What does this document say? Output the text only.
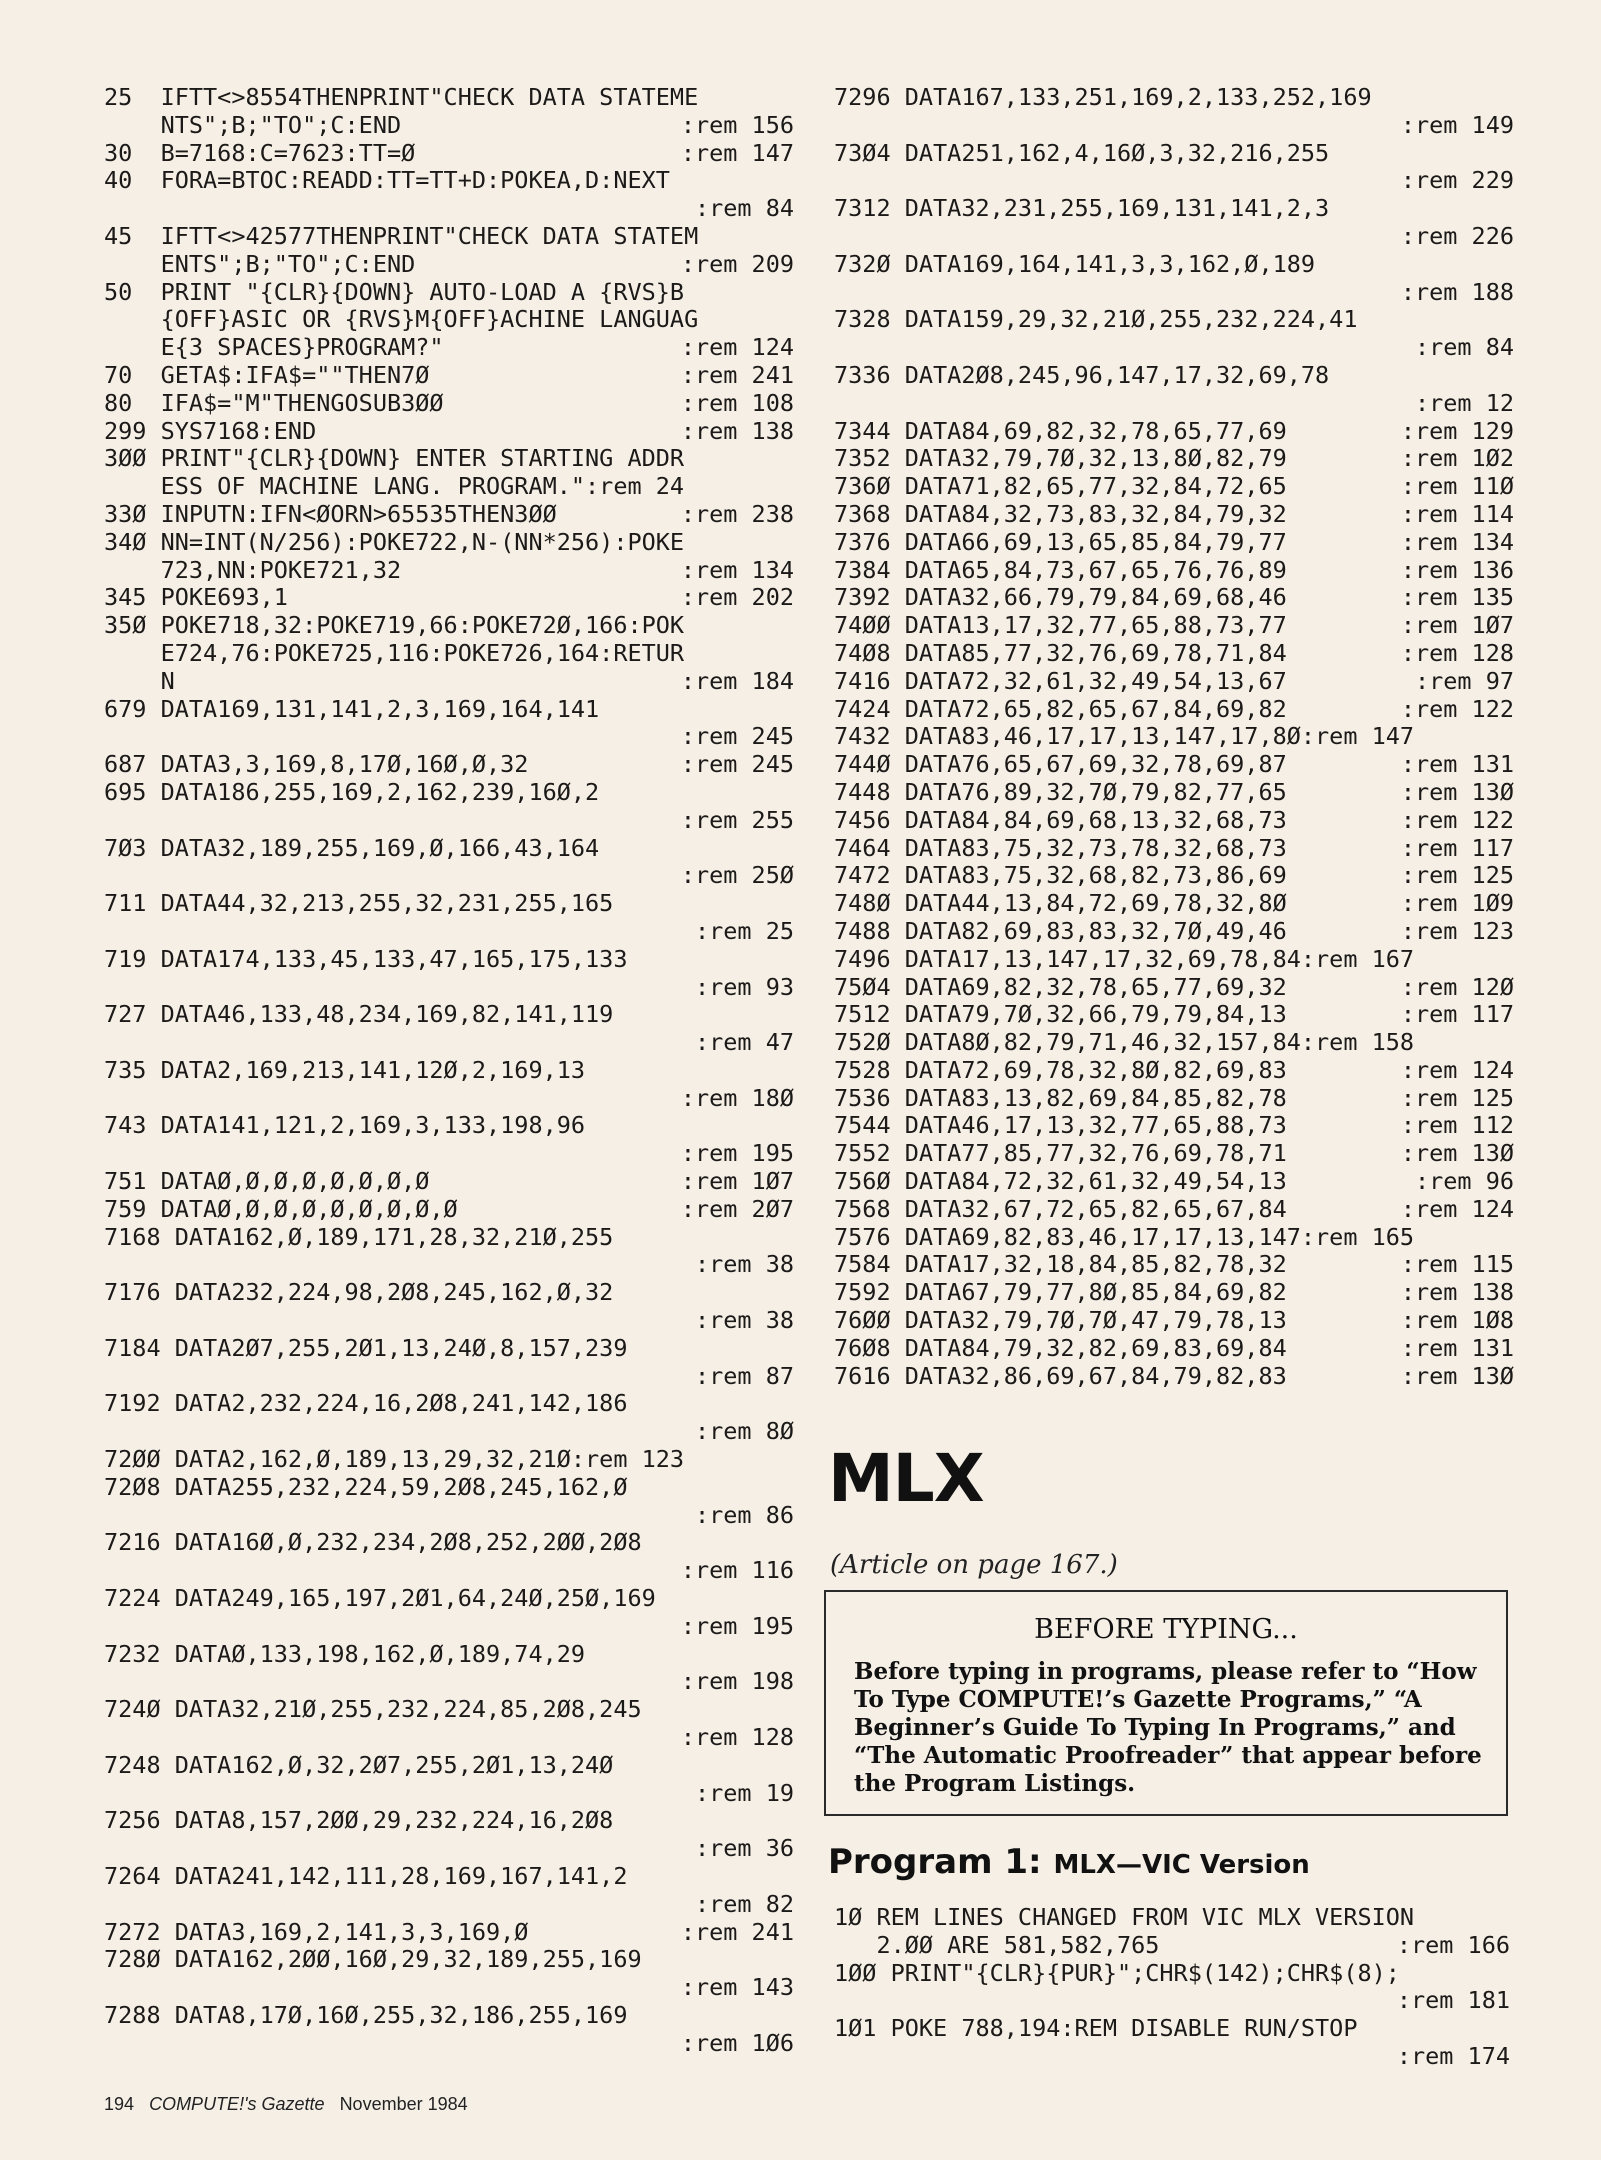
25  IFTT<>8554THENPRINT"CHECK DATA STATEME
NTS";B;"TO";C:END	:rem 156
30  B=7168:C=7623:TT=Ø	:rem 147
40  FORA=BTOC:READD:TT=TT+D:POKEA,D:NEXT
:rem 84
45  IFTT<>42577THENPRINT"CHECK DATA STATEM
ENTS";B;"TO";C:END	:rem 209
50  PRINT "{CLR}{DOWN} AUTO-LOAD A {RVS}B
{OFF}ASIC OR {RVS}M{OFF}ACHINE LANGUAG
E{3 SPACES}PROGRAM?"	:rem 124
70  GETA$:IFA$=""THEN7Ø	:rem 241
80  IFA$="M"THENGOSUB3ØØ	:rem 108
299 SYS7168:END	:rem 138
3ØØ PRINT"{CLR}{DOWN} ENTER STARTING ADDR
ESS OF MACHINE LANG. PROGRAM.":rem 24
33Ø INPUTN:IFN<ØORN>65535THEN3ØØ	:rem 238
34Ø NN=INT(N/256):POKE722,N-(NN*256):POKE
723,NN:POKE721,32	:rem 134
345 POKE693,1	:rem 202
35Ø POKE718,32:POKE719,66:POKE72Ø,166:POK
E724,76:POKE725,116:POKE726,164:RETUR
N	:rem 184
679 DATA169,131,141,2,3,169,164,141
:rem 245
687 DATA3,3,169,8,17Ø,16Ø,Ø,32	:rem 245
695 DATA186,255,169,2,162,239,16Ø,2
:rem 255
7Ø3 DATA32,189,255,169,Ø,166,43,164
:rem 25Ø
711 DATA44,32,213,255,32,231,255,165
:rem 25
719 DATA174,133,45,133,47,165,175,133
:rem 93
727 DATA46,133,48,234,169,82,141,119
:rem 47
735 DATA2,169,213,141,12Ø,2,169,13
:rem 18Ø
743 DATA141,121,2,169,3,133,198,96
:rem 195
751 DATAØ,Ø,Ø,Ø,Ø,Ø,Ø,Ø	:rem 1Ø7
759 DATAØ,Ø,Ø,Ø,Ø,Ø,Ø,Ø,Ø	:rem 2Ø7
7168 DATA162,Ø,189,171,28,32,21Ø,255
:rem 38
7176 DATA232,224,98,2Ø8,245,162,Ø,32
:rem 38
7184 DATA2Ø7,255,2Ø1,13,24Ø,8,157,239
:rem 87
7192 DATA2,232,224,16,2Ø8,241,142,186
:rem 8Ø
72ØØ DATA2,162,Ø,189,13,29,32,21Ø:rem 123
72Ø8 DATA255,232,224,59,2Ø8,245,162,Ø
:rem 86
7216 DATA16Ø,Ø,232,234,2Ø8,252,2ØØ,2Ø8
:rem 116
7224 DATA249,165,197,2Ø1,64,24Ø,25Ø,169
:rem 195
7232 DATAØ,133,198,162,Ø,189,74,29
:rem 198
724Ø DATA32,21Ø,255,232,224,85,2Ø8,245
:rem 128
7248 DATA162,Ø,32,2Ø7,255,2Ø1,13,24Ø
:rem 19
7256 DATA8,157,2ØØ,29,232,224,16,2Ø8
:rem 36
7264 DATA241,142,111,28,169,167,141,2
:rem 82
7272 DATA3,169,2,141,3,3,169,Ø	:rem 241
728Ø DATA162,2ØØ,16Ø,29,32,189,255,169
:rem 143
7288 DATA8,17Ø,16Ø,255,32,186,255,169
:rem 1Ø6
7296 DATA167,133,251,169,2,133,252,169
:rem 149
73Ø4 DATA251,162,4,16Ø,3,32,216,255
:rem 229
7312 DATA32,231,255,169,131,141,2,3
:rem 226
732Ø DATA169,164,141,3,3,162,Ø,189
:rem 188
7328 DATA159,29,32,21Ø,255,232,224,41
:rem 84
7336 DATA2Ø8,245,96,147,17,32,69,78
:rem 12
7344 DATA84,69,82,32,78,65,77,69	:rem 129
7352 DATA32,79,7Ø,32,13,8Ø,82,79	:rem 1Ø2
736Ø DATA71,82,65,77,32,84,72,65	:rem 11Ø
7368 DATA84,32,73,83,32,84,79,32	:rem 114
7376 DATA66,69,13,65,85,84,79,77	:rem 134
7384 DATA65,84,73,67,65,76,76,89	:rem 136
7392 DATA32,66,79,79,84,69,68,46	:rem 135
74ØØ DATA13,17,32,77,65,88,73,77	:rem 1Ø7
74Ø8 DATA85,77,32,76,69,78,71,84	:rem 128
7416 DATA72,32,61,32,49,54,13,67	:rem 97
7424 DATA72,65,82,65,67,84,69,82	:rem 122
7432 DATA83,46,17,17,13,147,17,8Ø:rem 147
744Ø DATA76,65,67,69,32,78,69,87	:rem 131
7448 DATA76,89,32,7Ø,79,82,77,65	:rem 13Ø
7456 DATA84,84,69,68,13,32,68,73	:rem 122
7464 DATA83,75,32,73,78,32,68,73	:rem 117
7472 DATA83,75,32,68,82,73,86,69	:rem 125
748Ø DATA44,13,84,72,69,78,32,8Ø	:rem 1Ø9
7488 DATA82,69,83,83,32,7Ø,49,46	:rem 123
7496 DATA17,13,147,17,32,69,78,84:rem 167
75Ø4 DATA69,82,32,78,65,77,69,32	:rem 12Ø
7512 DATA79,7Ø,32,66,79,79,84,13	:rem 117
752Ø DATA8Ø,82,79,71,46,32,157,84:rem 158
7528 DATA72,69,78,32,8Ø,82,69,83	:rem 124
7536 DATA83,13,82,69,84,85,82,78	:rem 125
7544 DATA46,17,13,32,77,65,88,73	:rem 112
7552 DATA77,85,77,32,76,69,78,71	:rem 13Ø
756Ø DATA84,72,32,61,32,49,54,13	:rem 96
7568 DATA32,67,72,65,82,65,67,84	:rem 124
7576 DATA69,82,83,46,17,17,13,147:rem 165
7584 DATA17,32,18,84,85,82,78,32	:rem 115
7592 DATA67,79,77,8Ø,85,84,69,82	:rem 138
76ØØ DATA32,79,7Ø,7Ø,47,79,78,13	:rem 1Ø8
76Ø8 DATA84,79,32,82,69,83,69,84	:rem 131
7616 DATA32,86,69,67,84,79,82,83	:rem 13Ø
MLX
(Article on page 167.)
BEFORE TYPING...
Before typing in programs, please refer to “How To Type COMPUTE!’s Gazette Programs,” “A Beginner’s Guide To Typing In Programs,” and “The Automatic Proofreader” that appear before the Program Listings.
Program 1: MLX—VIC Version
1Ø REM LINES CHANGED FROM VIC MLX VERSION
2.ØØ ARE 581,582,765	:rem 166
1ØØ PRINT"{CLR}{PUR}";CHR$(142);CHR$(8);
:rem 181
1Ø1 POKE 788,194:REM DISABLE RUN/STOP
:rem 174
194 COMPUTE!'s Gazette November 1984
